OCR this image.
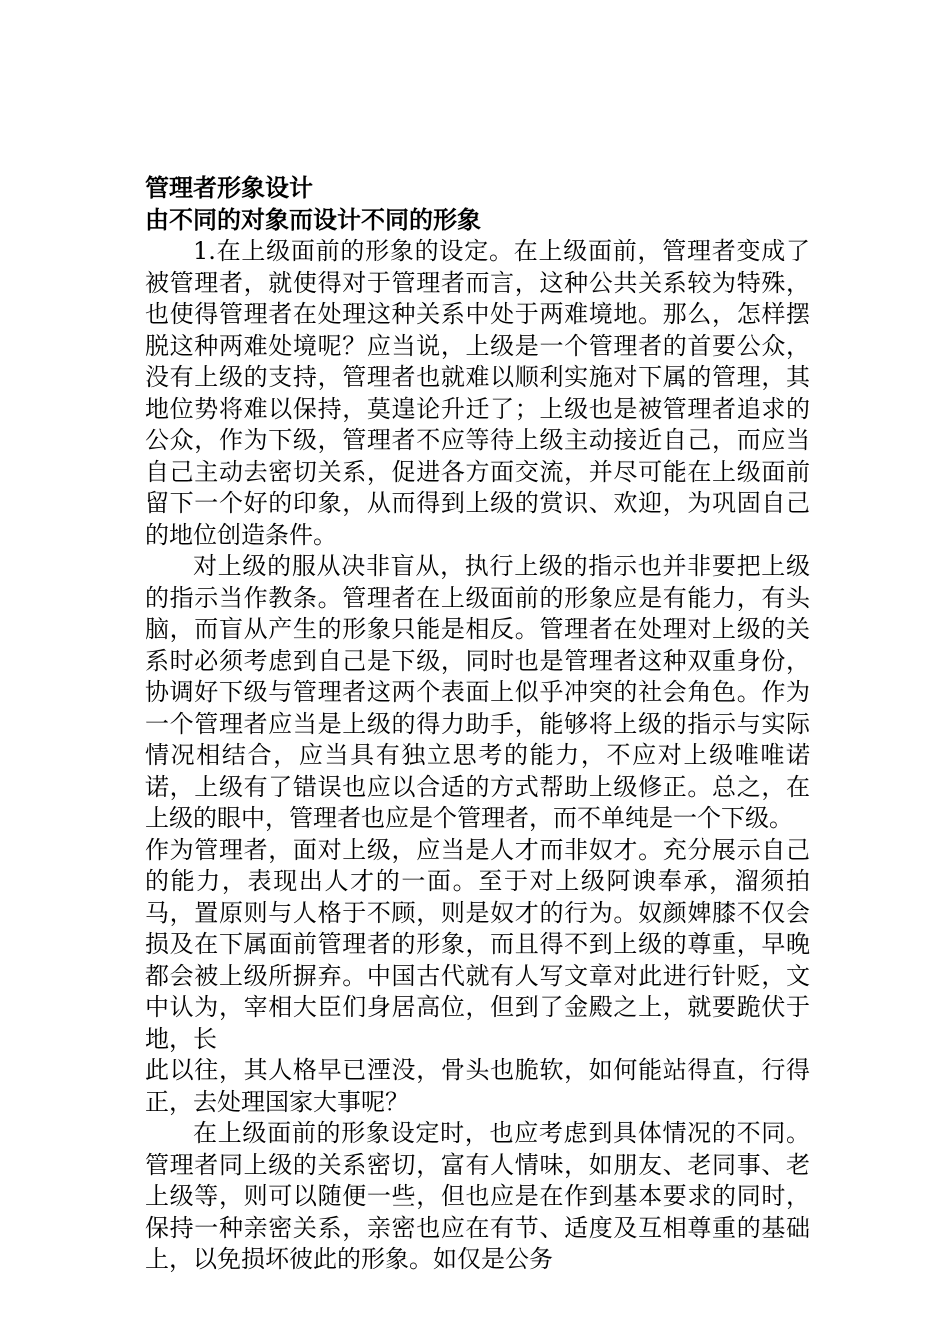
管理者形象设计
由不同的对象而设计不同的形象

1.在上级面前的形象的设定。在上级面前，管理者变成了被管理者，就使得对于管理者而言，这种公共关系较为特殊，也使得管理者在处理这种关系中处于两难境地。那么，怎样摆脱这种两难处境呢？应当说，上级是一个管理者的首要公众，没有上级的支持，管理者也就难以顺利实施对下属的管理，其地位势将难以保持，莫遑论升迁了；上级也是被管理者追求的公众，作为下级，管理者不应等待上级主动接近自己，而应当自己主动去密切关系，促进各方面交流，并尽可能在上级面前留下一个好的印象，从而得到上级的赏识、欢迎，为巩固自己的地位创造条件。

对上级的服从决非盲从，执行上级的指示也并非要把上级的指示当作教条。管理者在上级面前的形象应是有能力，有头脑，而盲从产生的形象只能是相反。管理者在处理对上级的关系时必须考虑到自己是下级，同时也是管理者这种双重身份，协调好下级与管理者这两个表面上似乎冲突的社会角色。作为一个管理者应当是上级的得力助手，能够将上级的指示与实际情况相结合，应当具有独立思考的能力，不应对上级唯唯诺诺，上级有了错误也应以合适的方式帮助上级修正。总之，在上级的眼中，管理者也应是个管理者，而不单纯是一个下级。

作为管理者，面对上级，应当是人才而非奴才。充分展示自己的能力，表现出人才的一面。至于对上级阿谀奉承，溜须拍马，置原则与人格于不顾，则是奴才的行为。奴颜婢膝不仅会损及在下属面前管理者的形象，而且得不到上级的尊重，早晚都会被上级所摒弃。中国古代就有人写文章对此进行针贬，文中认为，宰相大臣们身居高位，但到了金殿之上，就要跪伏于地，长

此以往，其人格早已湮没，骨头也脆软，如何能站得直，行得正，去处理国家大事呢？

在上级面前的形象设定时，也应考虑到具体情况的不同。管理者同上级的关系密切，富有人情味，如朋友、老同事、老上级等，则可以随便一些，但也应是在作到基本要求的同时，保持一种亲密关系，亲密也应在有节、适度及互相尊重的基础上，以免损坏彼此的形象。如仅是公务
